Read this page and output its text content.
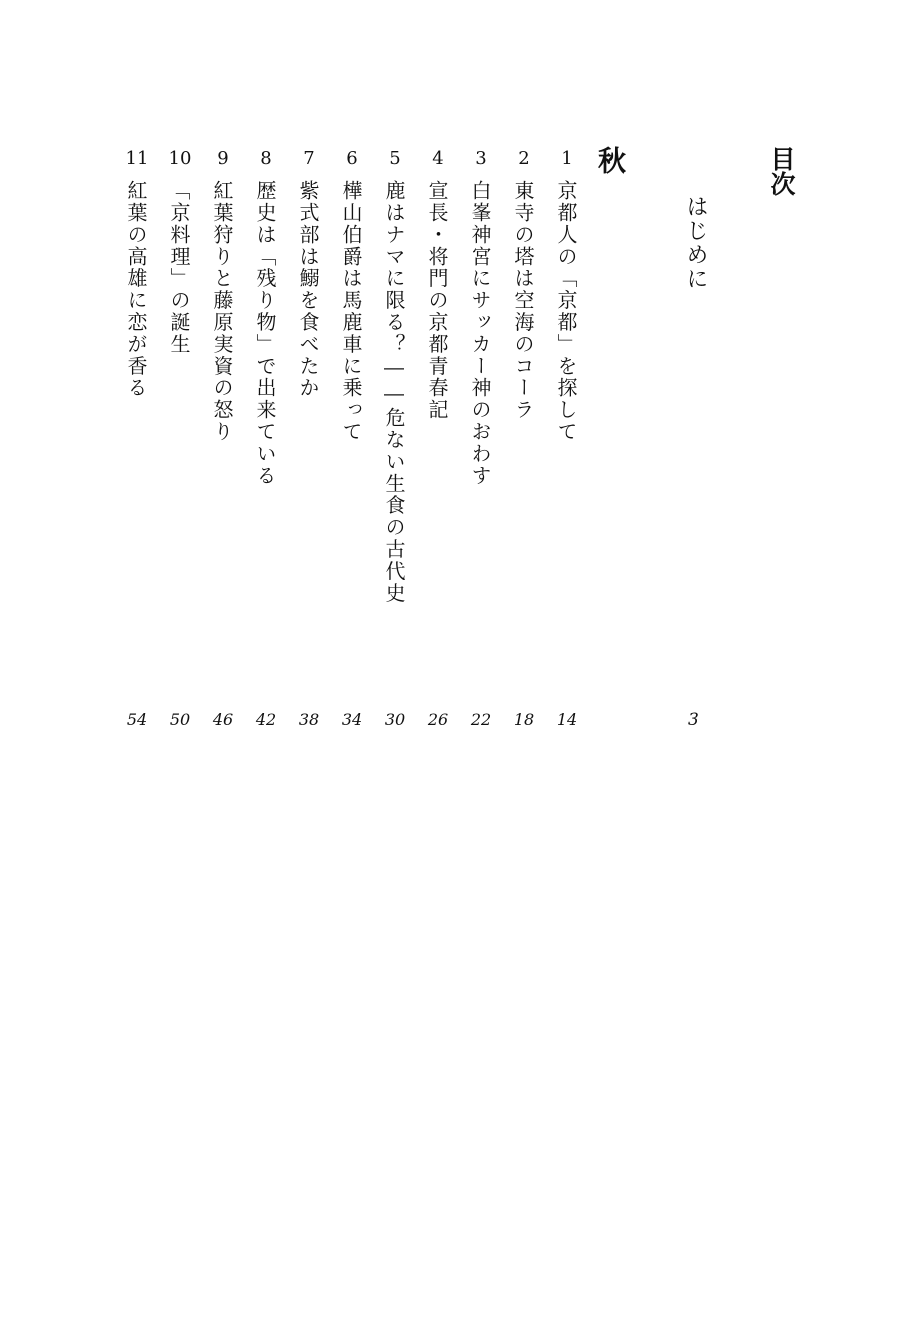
目次
はじめに
3
秋
1
京都人の「京都」を探して
14
2
東寺の塔は空海のコーラ
18
3
白峯神宮にサッカー神のおわす
22
4
宣長・将門の京都青春記
26
5
鹿はナマに限る？――危ない生食の古代史
30
6
樺山伯爵は馬鹿車に乗って
34
7
紫式部は鰯を食べたか
38
8
歴史は「残り物」で出来ている
42
9
紅葉狩りと藤原実資の怒り
46
10
「京料理」の誕生
50
11
紅葉の高雄に恋が香る
54
